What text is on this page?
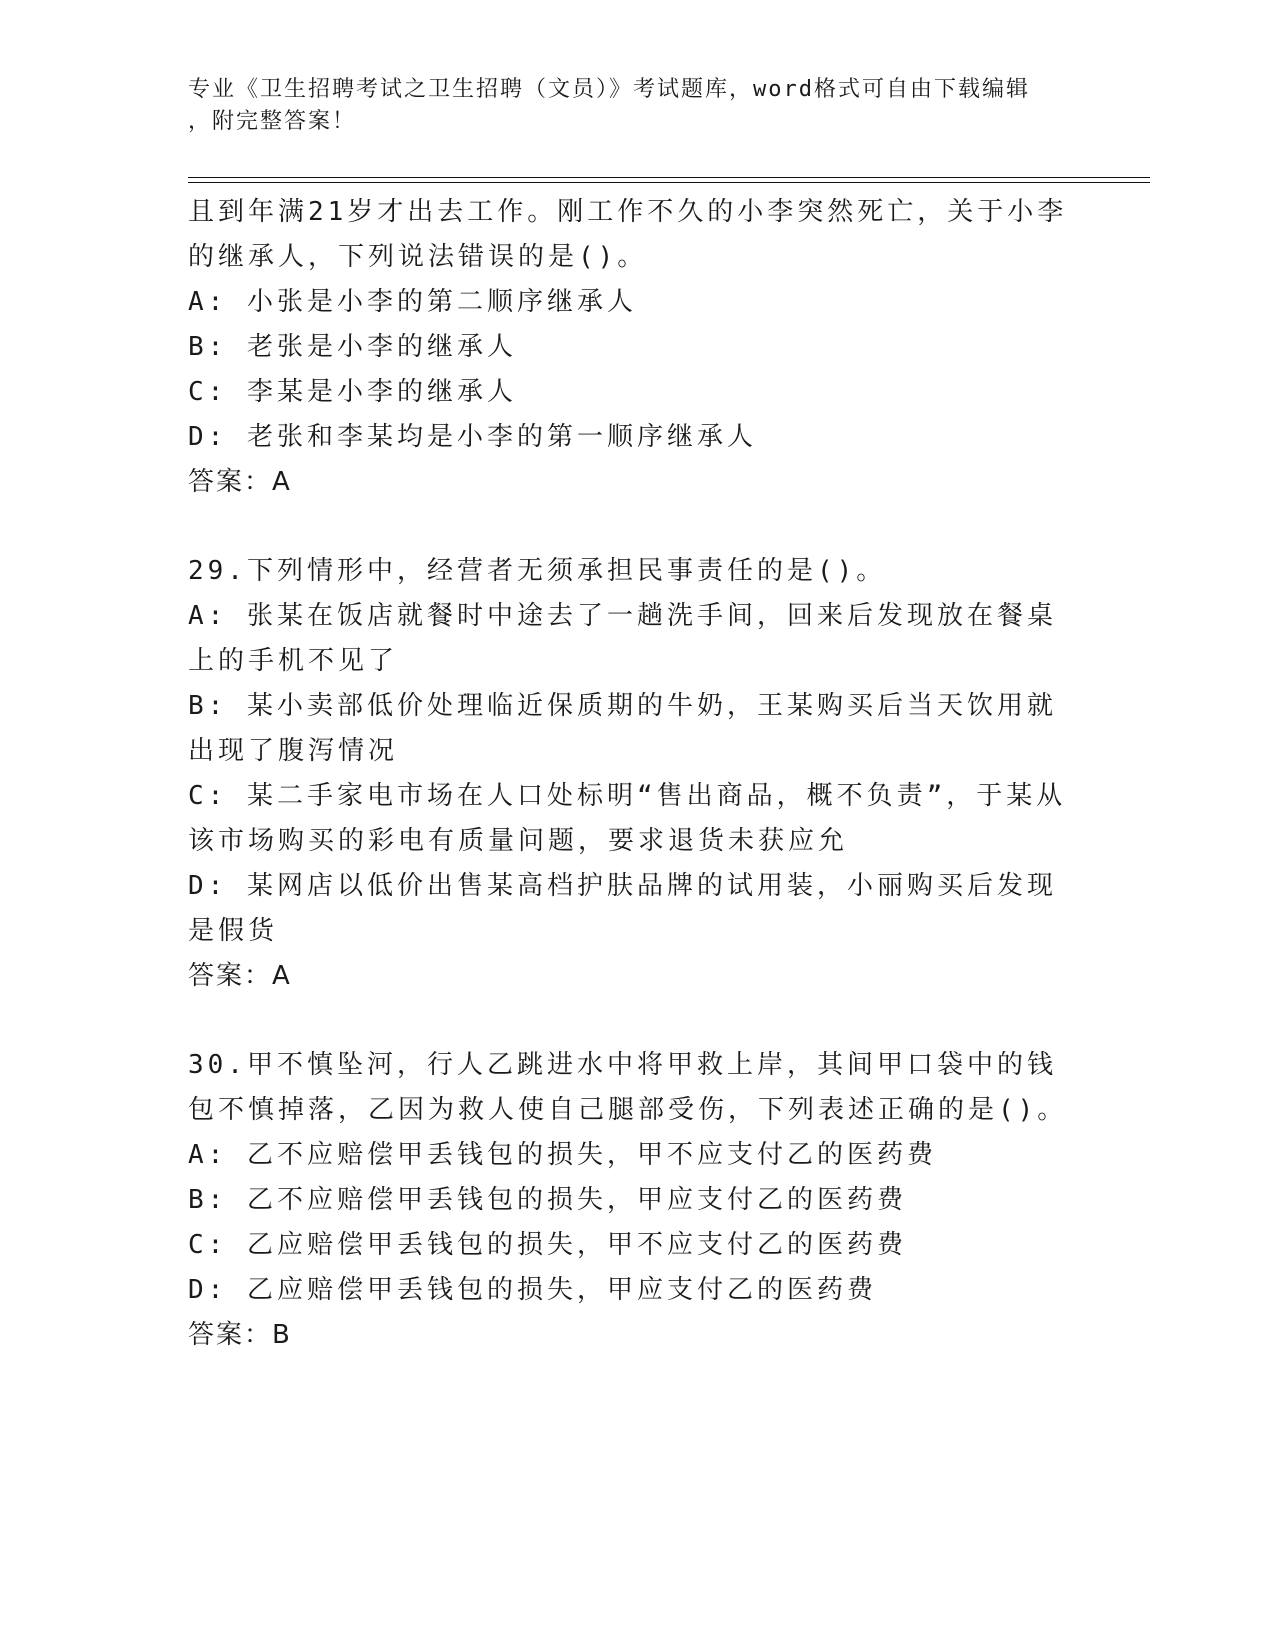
专业《卫生招聘考试之卫生招聘（文员）》考试题库，word格式可自由下载编辑
，附完整答案！
且到年满21岁才出去工作。刚工作不久的小李突然死亡，关于小李的继承人，下列说法错误的是()。
A: 小张是小李的第二顺序继承人
B: 老张是小李的继承人
C: 李某是小李的继承人
D: 老张和李某均是小李的第一顺序继承人
答案：A
29.下列情形中，经营者无须承担民事责任的是()。
A: 张某在饭店就餐时中途去了一趟洗手间，回来后发现放在餐桌上的手机不见了
B: 某小卖部低价处理临近保质期的牛奶，王某购买后当天饮用就出现了腹泻情况
C: 某二手家电市场在人口处标明“售出商品，概不负责”，于某从该市场购买的彩电有质量问题，要求退货未获应允
D: 某网店以低价出售某高档护肤品牌的试用装，小丽购买后发现是假货
答案：A
30.甲不慎坠河，行人乙跳进水中将甲救上岸，其间甲口袋中的钱包不慎掉落，乙因为救人使自己腿部受伤，下列表述正确的是()。
A: 乙不应赔偿甲丢钱包的损失，甲不应支付乙的医药费
B: 乙不应赔偿甲丢钱包的损失，甲应支付乙的医药费
C: 乙应赔偿甲丢钱包的损失，甲不应支付乙的医药费
D: 乙应赔偿甲丢钱包的损失，甲应支付乙的医药费
答案：B
